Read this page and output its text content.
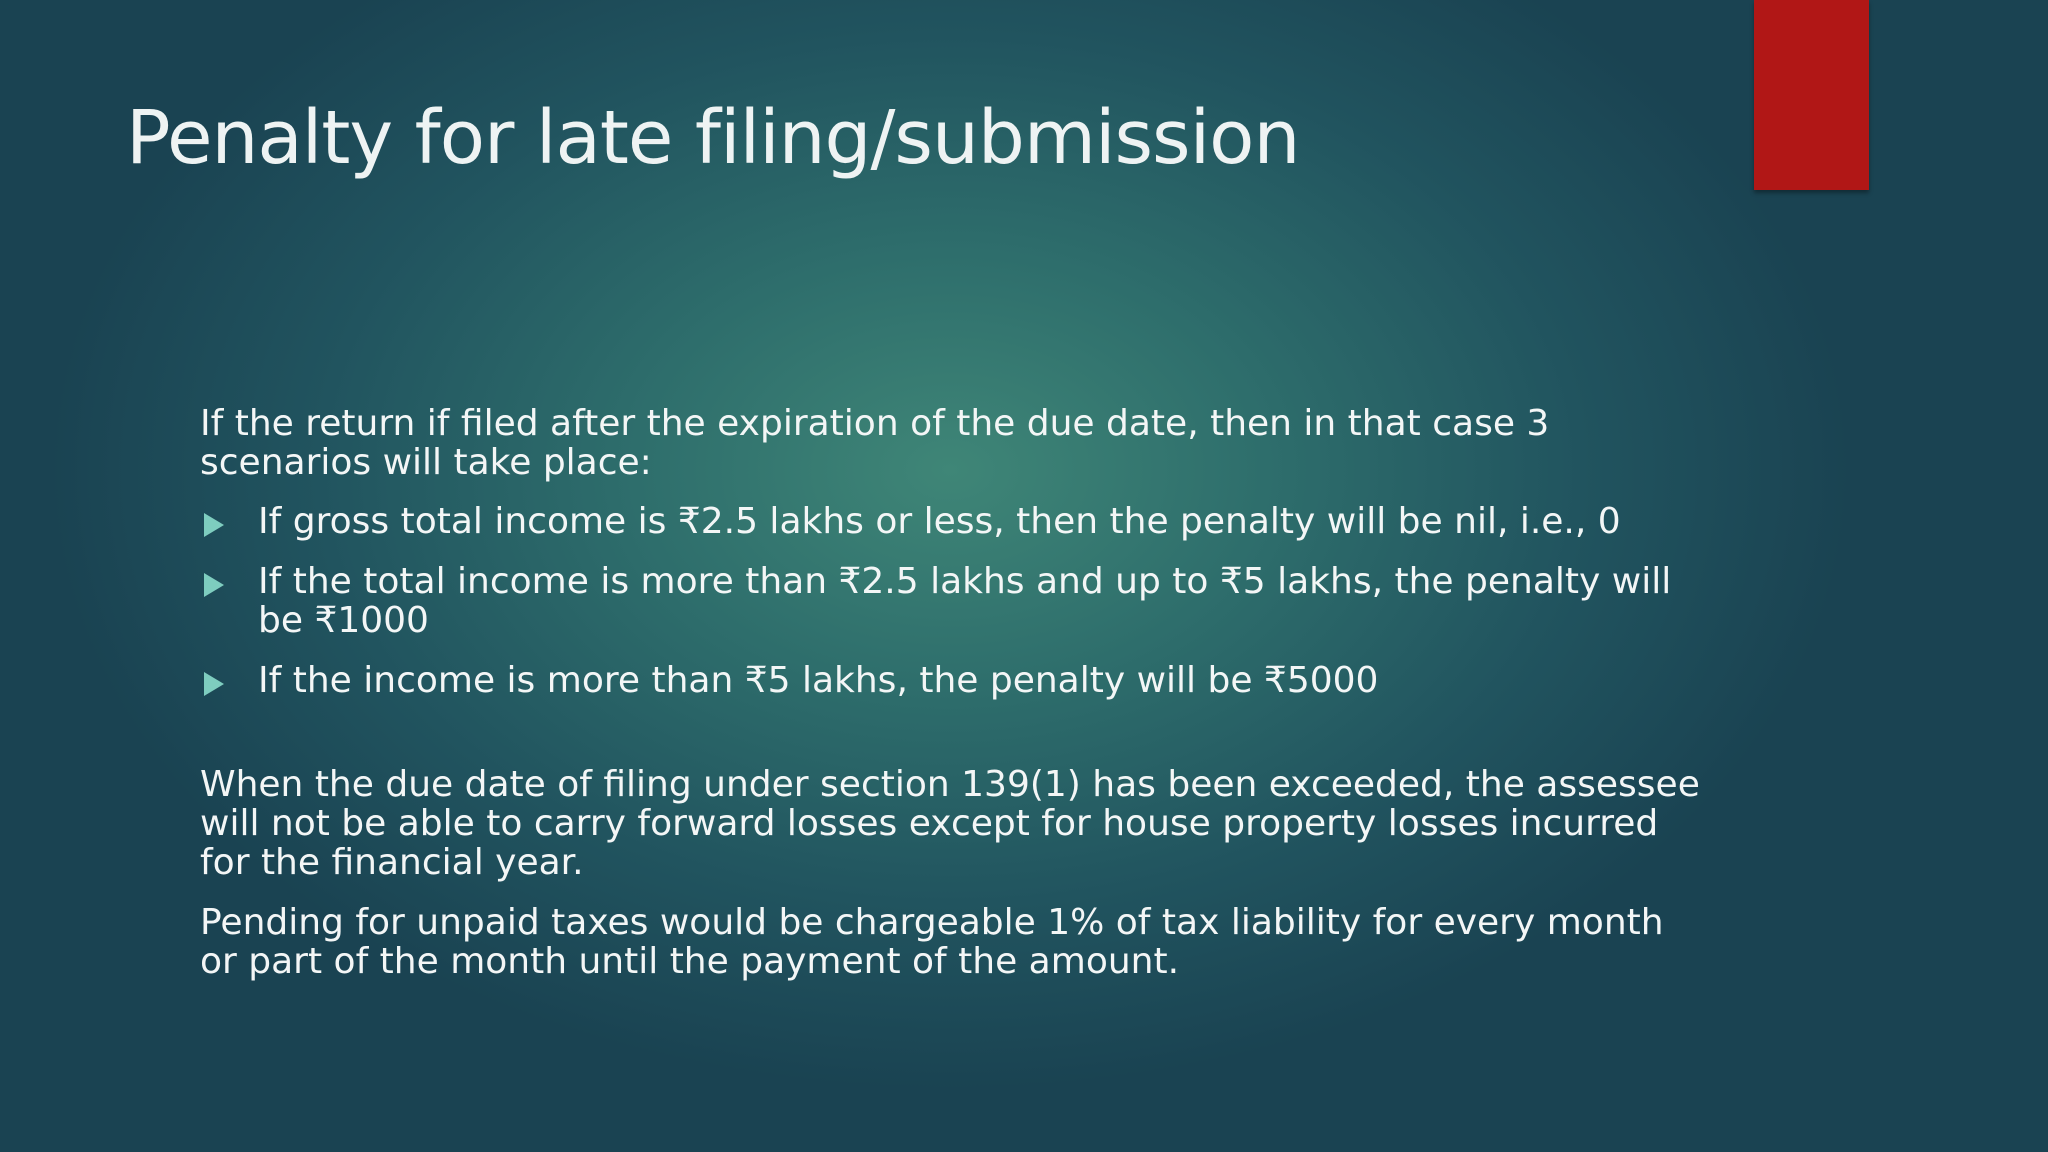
Penalty for late filing/submission

If the return if filed after the expiration of the due date, then in that case 3 scenarios will take place:

If gross total income is ₹2.5 lakhs or less, then the penalty will be nil, i.e., 0
If the total income is more than ₹2.5 lakhs and up to ₹5 lakhs, the penalty will be ₹1000
If the income is more than ₹5 lakhs, the penalty will be ₹5000

When the due date of filing under section 139(1) has been exceeded, the assessee will not be able to carry forward losses except for house property losses incurred for the financial year.

Pending for unpaid taxes would be chargeable 1% of tax liability for every month or part of the month until the payment of the amount.
